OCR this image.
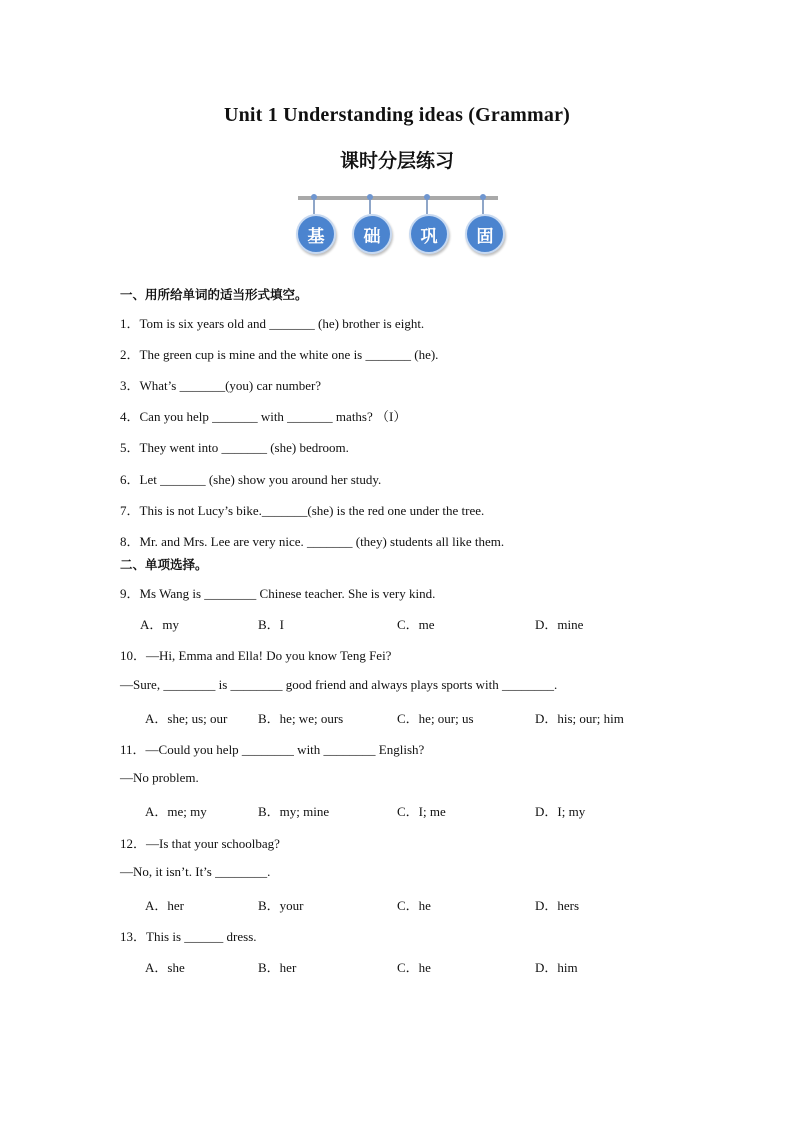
Unit 1 Understanding ideas (Grammar)
课时分层练习
基	础	巩	固
一、用所给单词的适当形式填空。
1．Tom is six years old and _______ (he) brother is eight.
2．The green cup is mine and the white one is _______ (he).
3．What’s _______(you) car number?
4．Can you help _______ with _______ maths? （I）
5．They went into _______ (she) bedroom.
6．Let _______ (she) show you around her study.
7．This is not Lucy’s bike._______(she) is the red one under the tree.
8．Mr. and Mrs. Lee are very nice. _______ (they) students all like them.
二、单项选择。
9．Ms Wang is ________ Chinese teacher. She is very kind.
A．my	B．I	C．me	D．mine
10．—Hi, Emma and Ella! Do you know Teng Fei?
—Sure, ________ is ________ good friend and always plays sports with ________.
A．she; us; our B．he; we; ours	C．he; our; us	D．his; our; him
11．—Could you help ________ with ________ English?
—No problem.
A．me; my	B．my; mine	C．I; me	D．I; my
12．—Is that your schoolbag?
—No, it isn’t. It’s ________.
A．her	B．your	C．he	D．hers
13．This is ______ dress.
A．she	B．her	C．he	D．him
